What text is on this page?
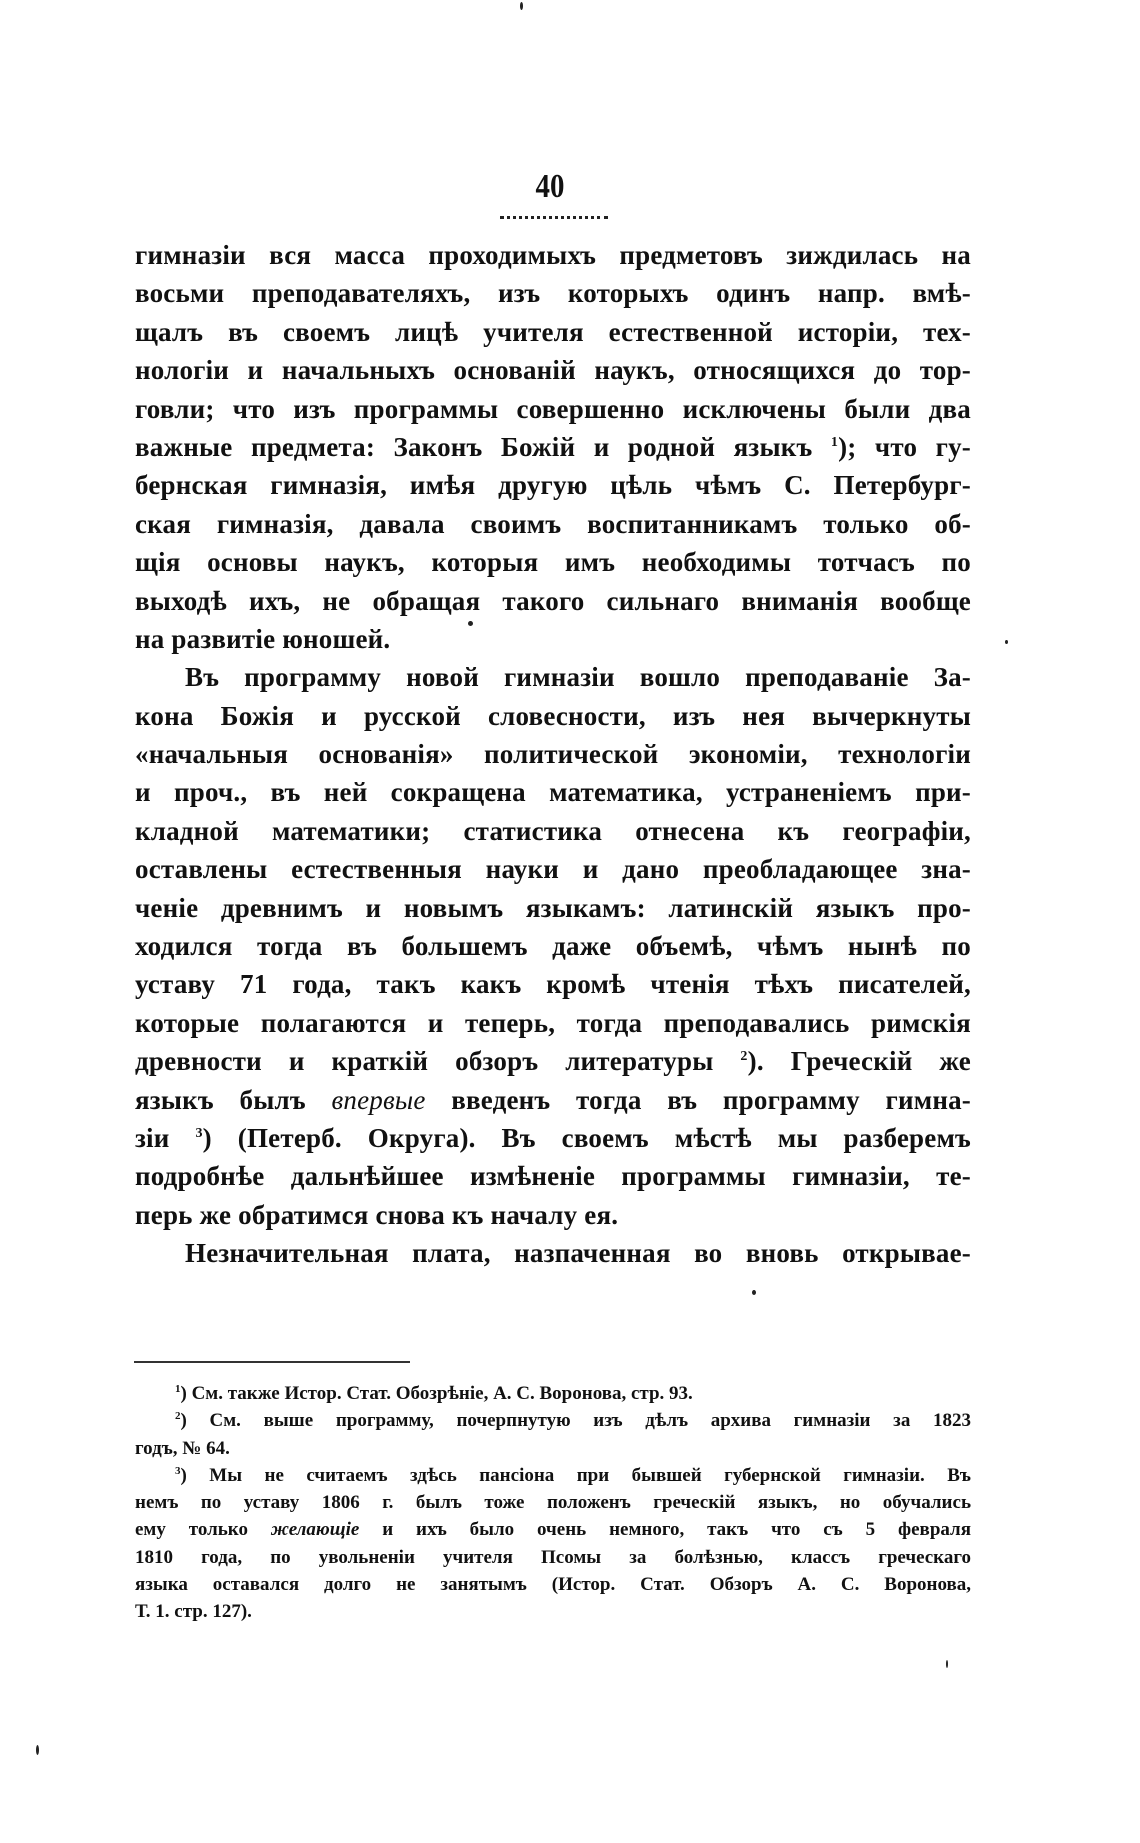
40
гимназіи вся масса проходимыхъ предметовъ зиждилась на
восьми преподавателяхъ, изъ которыхъ одинъ напр. вмѣ-
щалъ въ своемъ лицѣ учителя естественной исторіи, тех-
нологіи и начальныхъ основаній наукъ, относящихся до тор-
говли; что изъ программы совершенно исключены были два
важные предмета: Законъ Божій и родной языкъ $^1$); что гу-
бернская гимназія, имѣя другую цѣль чѣмъ С. Петербург-
ская гимназія, давала своимъ воспитанникамъ только об-
щія основы наукъ, которыя имъ необходимы тотчасъ по
выходѣ ихъ, не обращая такого сильнаго вниманія вообще
на развитіе юношей.
Въ программу новой гимназіи вошло преподаваніе За-
кона Божія и русской словесности, изъ нея вычеркнуты
«начальныя основанія» политической экономіи, технологіи
и проч., въ ней сокращена математика, устраненіемъ при-
кладной математики; статистика отнесена къ географіи,
оставлены естественныя науки и дано преобладающее зна-
ченіе древнимъ и новымъ языкамъ: латинскій языкъ про-
ходился тогда въ большемъ даже объемѣ, чѣмъ нынѣ по
уставу 71 года, такъ какъ кромѣ чтенія тѣхъ писателей,
которые полагаются и теперь, тогда преподавались римскія
древности и краткій обзоръ литературы $^2$). Греческій же
языкъ былъ впервые введенъ тогда въ программу гимна-
зіи $^3$) (Петерб. Округа). Въ своемъ мѣстѣ мы разберемъ
подробнѣе дальнѣйшее измѣненіе программы гимназіи, те-
перь же обратимся снова къ началу ея.
Незначительная плата, назпаченная во вновь открывае-
$^1$) См. также Истор. Стат. Обозрѣніе, А. С. Воронова, стр. 93.
$^2$) См. выше программу, почерпнутую изъ дѣлъ архива гимназіи за 1823
годъ, № 64.
$^3$) Мы не считаемъ здѣсь пансіона при бывшей губернской гимназіи. Въ
немъ по уставу 1806 г. былъ тоже положенъ греческій языкъ, но обучались
ему только желающіе и ихъ было очень немного, такъ что съ 5 февраля
1810 года, по увольненіи учителя Псомы за болѣзнью, классъ греческаго
языка оставался долго не занятымъ (Истор. Стат. Обзоръ А. С. Воронова,
Т. 1. стр. 127).
